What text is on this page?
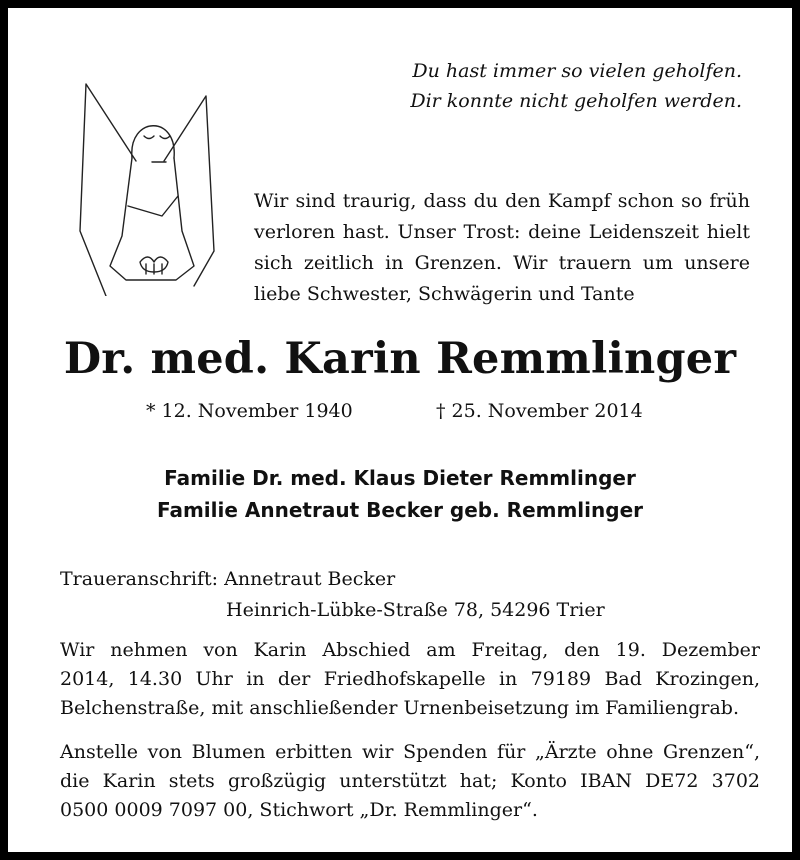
Du hast immer so vielen geholfen.
Dir konnte nicht geholfen werden.
Wir sind traurig, dass du den Kampf schon so früh
verloren hast. Unser Trost: deine Leidenszeit hielt
sich zeitlich in Grenzen. Wir trauern um unsere
liebe Schwester, Schwägerin und Tante
Dr. med. Karin Remmlinger
* 12. November 1940	† 25. November 2014
Familie Dr. med. Klaus Dieter Remmlinger
Familie Annetraut Becker geb. Remmlinger
Traueranschrift: Annetraut Becker
Heinrich-Lübke-Straße 78, 54296 Trier
Wir nehmen von Karin Abschied am Freitag, den 19. Dezember
2014, 14.30 Uhr in der Friedhofskapelle in 79189 Bad Krozingen,
Belchenstraße, mit anschließender Urnenbeisetzung im Familiengrab.
Anstelle von Blumen erbitten wir Spenden für „Ärzte ohne Grenzen“,
die Karin stets großzügig unterstützt hat; Konto IBAN DE72 3702
0500 0009 7097 00, Stichwort „Dr. Remmlinger“.
